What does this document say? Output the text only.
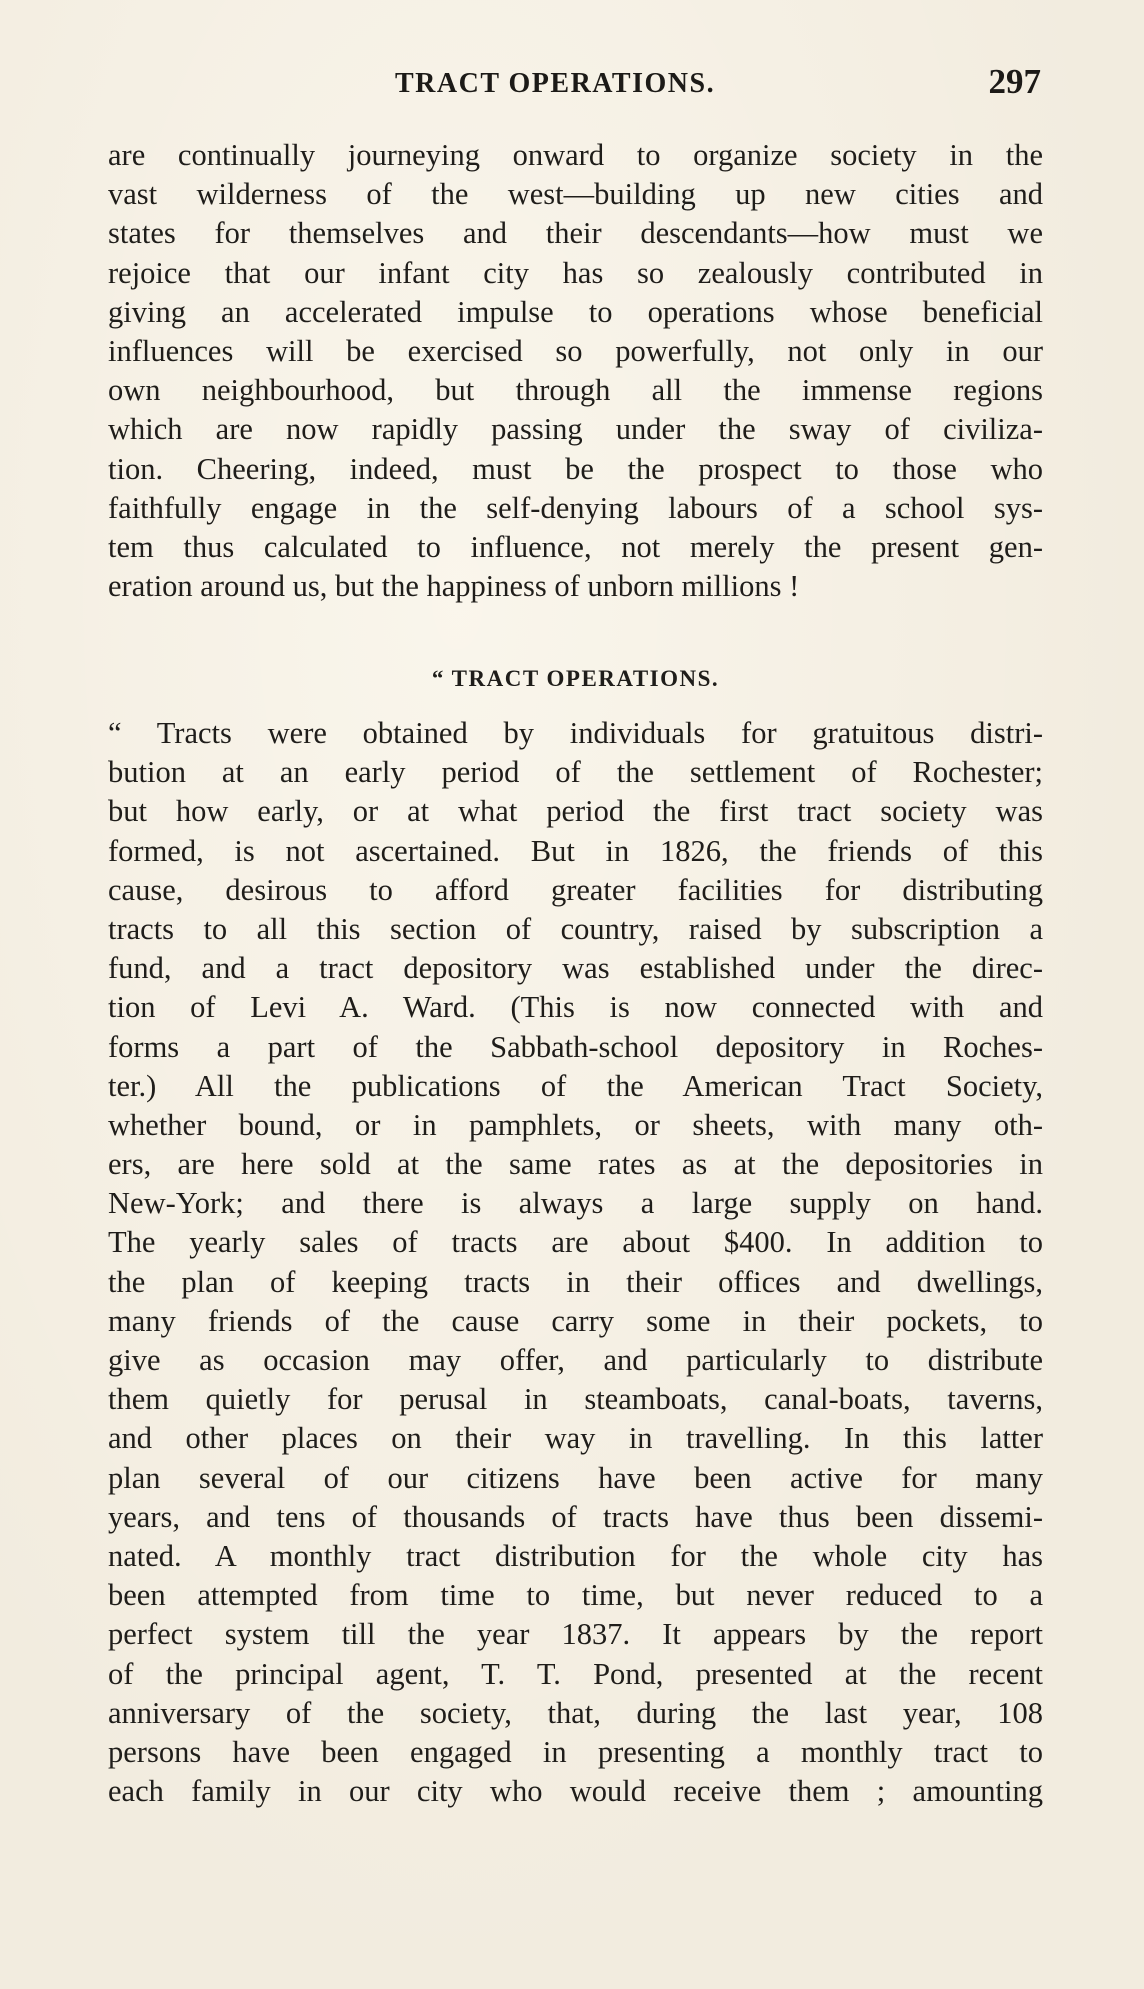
TRACT OPERATIONS.	297
are continually journeying onward to organize society in the
vast wilderness of the west—building up new cities and
states for themselves and their descendants—how must we
rejoice that our infant city has so zealously contributed in
giving an accelerated impulse to operations whose beneficial
influences will be exercised so powerfully, not only in our
own neighbourhood, but through all the immense regions
which are now rapidly passing under the sway of civiliza-
tion. Cheering, indeed, must be the prospect to those who
faithfully engage in the self-denying labours of a school sys-
tem thus calculated to influence, not merely the present gen-
eration around us, but the happiness of unborn millions !
“ TRACT OPERATIONS.
“ Tracts were obtained by individuals for gratuitous distri-
bution at an early period of the settlement of Rochester;
but how early, or at what period the first tract society was
formed, is not ascertained. But in 1826, the friends of this
cause, desirous to afford greater facilities for distributing
tracts to all this section of country, raised by subscription a
fund, and a tract depository was established under the direc-
tion of Levi A. Ward. (This is now connected with and
forms a part of the Sabbath-school depository in Roches-
ter.) All the publications of the American Tract Society,
whether bound, or in pamphlets, or sheets, with many oth-
ers, are here sold at the same rates as at the depositories in
New-York; and there is always a large supply on hand.
The yearly sales of tracts are about $400. In addition to
the plan of keeping tracts in their offices and dwellings,
many friends of the cause carry some in their pockets, to
give as occasion may offer, and particularly to distribute
them quietly for perusal in steamboats, canal-boats, taverns,
and other places on their way in travelling. In this latter
plan several of our citizens have been active for many
years, and tens of thousands of tracts have thus been dissemi-
nated. A monthly tract distribution for the whole city has
been attempted from time to time, but never reduced to a
perfect system till the year 1837. It appears by the report
of the principal agent, T. T. Pond, presented at the recent
anniversary of the society, that, during the last year, 108
persons have been engaged in presenting a monthly tract to
each family in our city who would receive them ; amounting
